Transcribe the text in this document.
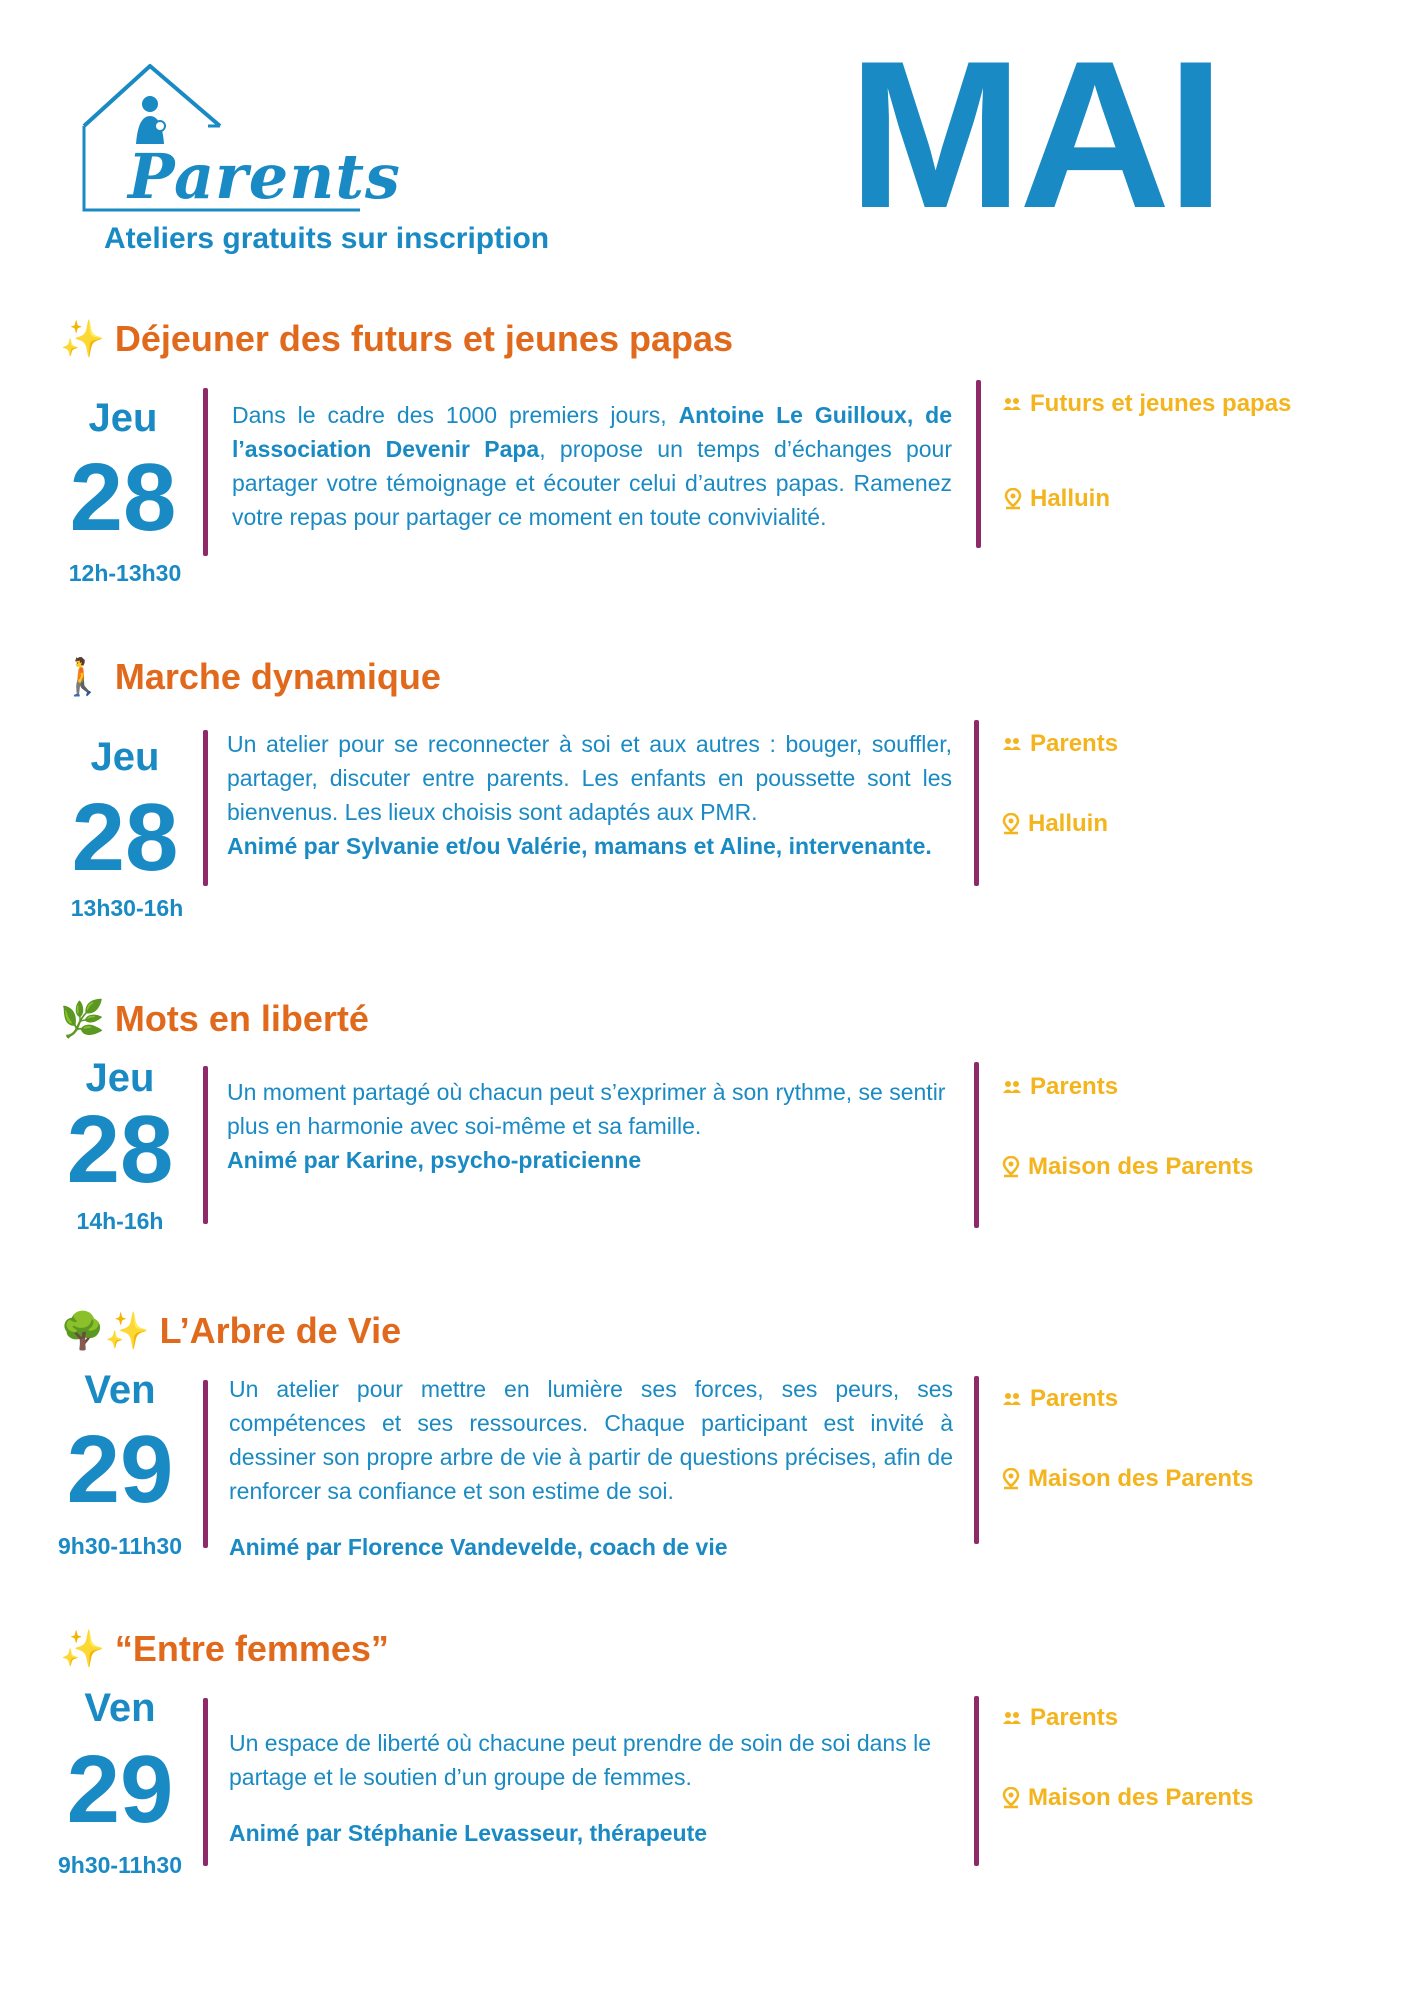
Parents
Ateliers gratuits sur inscription MAI
✨ Déjeuner des futurs et jeunes papas
Jeu
28
12h-13h30
Dans le cadre des 1000 premiers jours, Antoine Le Guilloux, de l’association Devenir Papa, propose un temps d’échanges pour partager votre témoignage et écouter celui d’autres papas. Ramenez votre repas pour partager ce moment en toute convivialité.
Futurs et jeunes papas
Halluin
🚶 Marche dynamique
Jeu
28
13h30-16h

Un atelier pour se reconnecter à soi et aux autres : bouger, souffler, partager, discuter entre parents. Les enfants en poussette sont les bienvenus. Les lieux choisis sont adaptés aux PMR.

Animé par Sylvanie et/ou Valérie, mamans et Aline, intervenante.

Parents
Halluin
🌿 Mots en liberté
Jeu
28
14h-16h

Un moment partagé où chacun peut s’exprimer à son rythme, se sentir plus en harmonie avec soi-même et sa famille.

Animé par Karine, psycho-praticienne

Parents
Maison des Parents
🌳✨ L’Arbre de Vie
Ven
29
9h30-11h30

Un atelier pour mettre en lumière ses forces, ses peurs, ses compétences et ses ressources. Chaque participant est invité à dessiner son propre arbre de vie à partir de questions précises, afin de renforcer sa confiance et son estime de soi.

Animé par Florence Vandevelde, coach de vie

Parents
Maison des Parents
✨ “Entre femmes”
Ven
29
9h30-11h30

Un espace de liberté où chacune peut prendre de soin de soi dans le partage et le soutien d’un groupe de femmes.

Animé par Stéphanie Levasseur, thérapeute

Parents
Maison des Parents
